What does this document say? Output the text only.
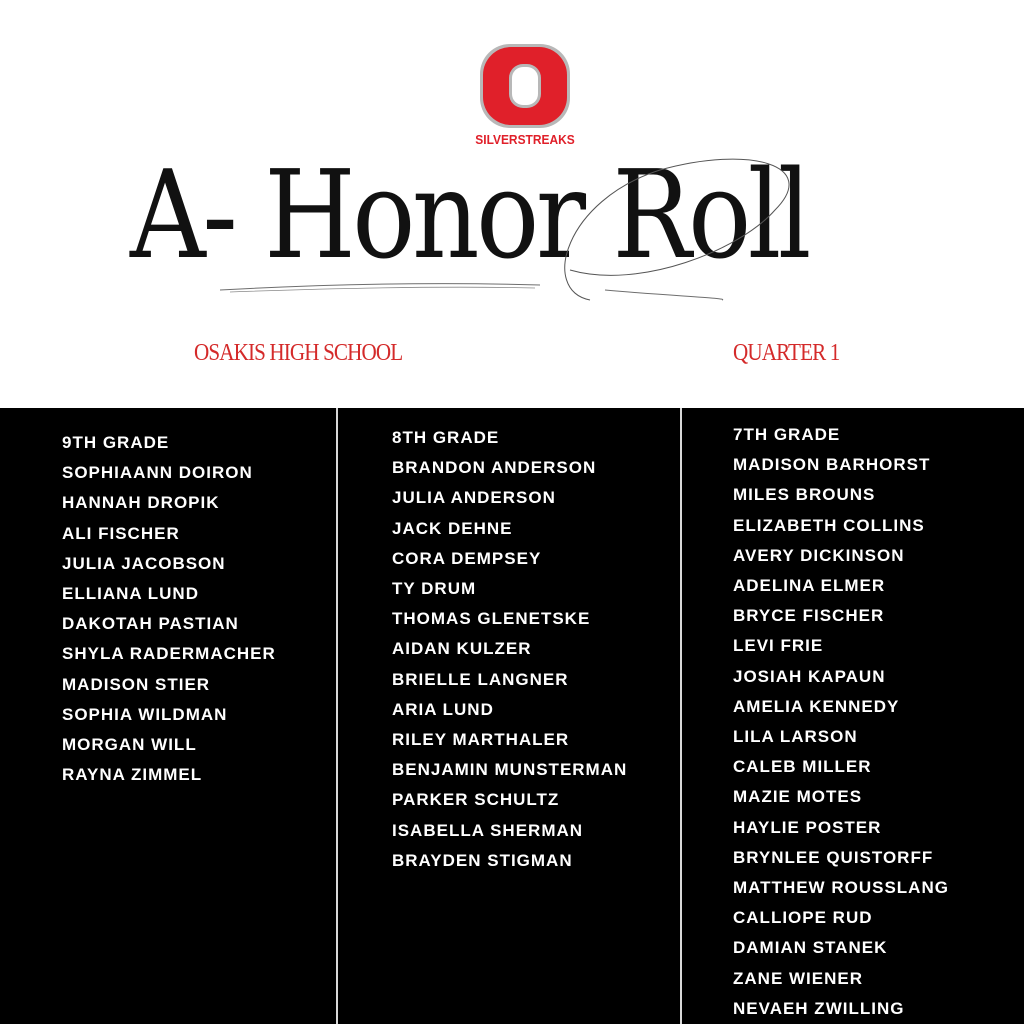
SILVERSTREAKS
A- Honor Roll
OSAKIS HIGH SCHOOL	QUARTER 1
9TH GRADE
SOPHIAANN DOIRON
HANNAH DROPIK
ALI FISCHER
JULIA JACOBSON
ELLIANA LUND
DAKOTAH PASTIAN
SHYLA RADERMACHER
MADISON STIER
SOPHIA WILDMAN
MORGAN WILL
RAYNA ZIMMEL
8TH GRADE
BRANDON ANDERSON
JULIA ANDERSON
JACK DEHNE
CORA DEMPSEY
TY DRUM
THOMAS GLENETSKE
AIDAN KULZER
BRIELLE LANGNER
ARIA LUND
RILEY MARTHALER
BENJAMIN MUNSTERMAN
PARKER SCHULTZ
ISABELLA SHERMAN
BRAYDEN STIGMAN
7TH GRADE
MADISON BARHORST
MILES BROUNS
ELIZABETH COLLINS
AVERY DICKINSON
ADELINA ELMER
BRYCE FISCHER
LEVI FRIE
JOSIAH KAPAUN
AMELIA KENNEDY
LILA LARSON
CALEB MILLER
MAZIE MOTES
HAYLIE POSTER
BRYNLEE QUISTORFF
MATTHEW ROUSSLANG
CALLIOPE RUD
DAMIAN STANEK
ZANE WIENER
NEVAEH ZWILLING
